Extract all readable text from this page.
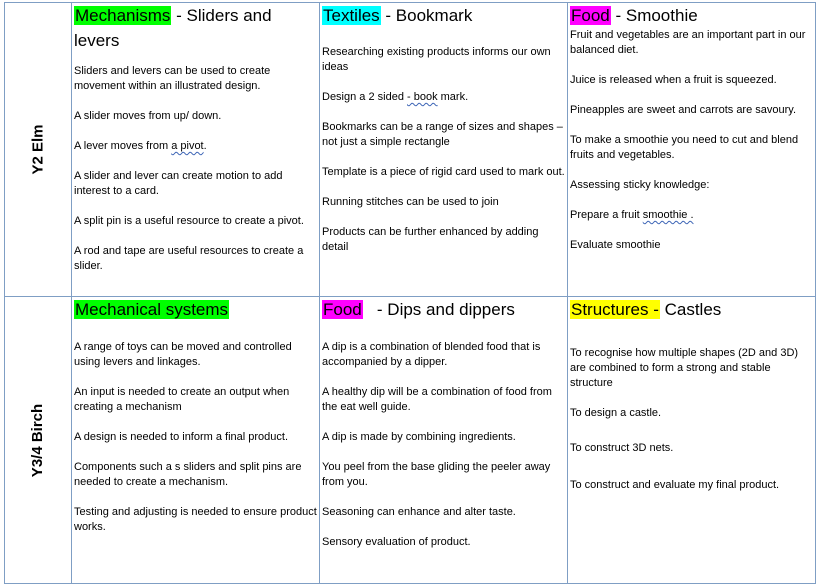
Y2 Elm
Mechanisms - Sliders and levers

Sliders and levers can be used to create movement within an illustrated design.

A slider moves from up/ down.

A lever moves from a pivot.

A slider and lever can create motion to add interest to a card.

A split pin is a useful resource to create a pivot.

A rod and tape are useful resources to create a slider.

Textiles - Bookmark

Researching existing products informs our own ideas

Design a 2 sided - book mark.

Bookmarks can be a range of sizes and shapes – not just a simple rectangle

Template is a piece of rigid card used to mark out.

Running stitches can be used to join

Products can be further enhanced by adding detail

Food - Smoothie

Fruit and vegetables are an important part in our balanced diet.

Juice is released when a fruit is squeezed.

Pineapples are sweet and carrots are savoury.

To make a smoothie you need to cut and blend fruits and vegetables.

Assessing sticky knowledge:

Prepare a fruit smoothie .

Evaluate smoothie

Y3/4 Birch
Mechanical systems

A range of toys can be moved and controlled using levers and linkages.

An input is needed to create an output when creating a mechanism

A design is needed to inform a final product.

Components such a s sliders and split pins are needed to create a mechanism.

Testing and adjusting is needed to ensure product works.

Food   - Dips and dippers

A dip is a combination of blended food that is accompanied by a dipper.

A healthy dip will be a combination of food from the eat well guide.

A dip is made by combining ingredients.

You peel from the base gliding the peeler away from you.

Seasoning can enhance and alter taste.

Sensory evaluation of product.

Structures - Castles

To recognise how multiple shapes (2D and 3D) are combined to form a strong and stable structure

To design a castle.

To construct 3D nets.

To construct and evaluate my final product.
